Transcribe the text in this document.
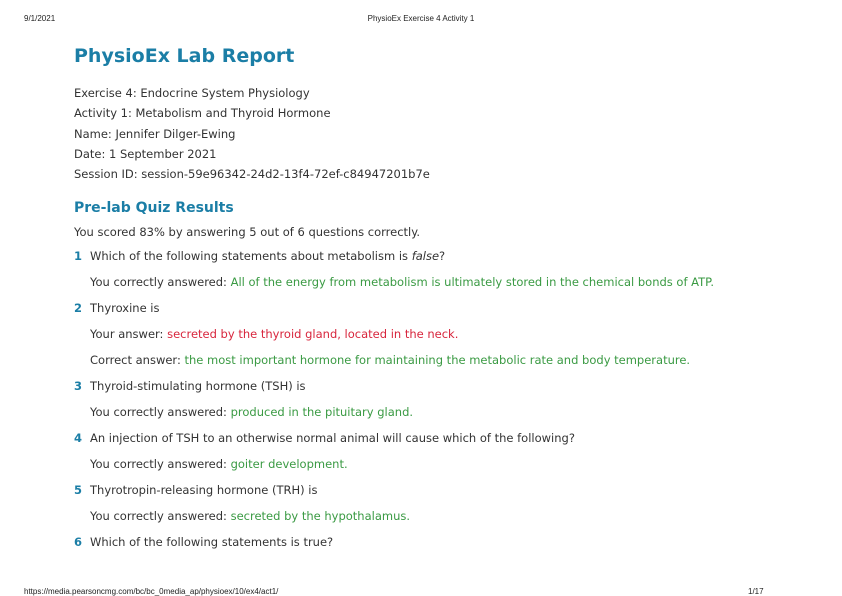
9/1/2021	PhysioEx Exercise 4 Activity 1
PhysioEx Lab Report
Exercise 4: Endocrine System Physiology
Activity 1: Metabolism and Thyroid Hormone
Name: Jennifer Dilger-Ewing
Date: 1 September 2021
Session ID: session-59e96342-24d2-13f4-72ef-c84947201b7e
Pre-lab Quiz Results
You scored 83% by answering 5 out of 6 questions correctly.
1 Which of the following statements about metabolism is false?
You correctly answered: All of the energy from metabolism is ultimately stored in the chemical bonds of ATP.
2 Thyroxine is
Your answer: secreted by the thyroid gland, located in the neck.
Correct answer: the most important hormone for maintaining the metabolic rate and body temperature.
3 Thyroid-stimulating hormone (TSH) is
You correctly answered: produced in the pituitary gland.
4 An injection of TSH to an otherwise normal animal will cause which of the following?
You correctly answered: goiter development.
5 Thyrotropin-releasing hormone (TRH) is
You correctly answered: secreted by the hypothalamus.
6 Which of the following statements is true?
https://media.pearsoncmg.com/bc/bc_0media_ap/physioex/10/ex4/act1/	1/17
